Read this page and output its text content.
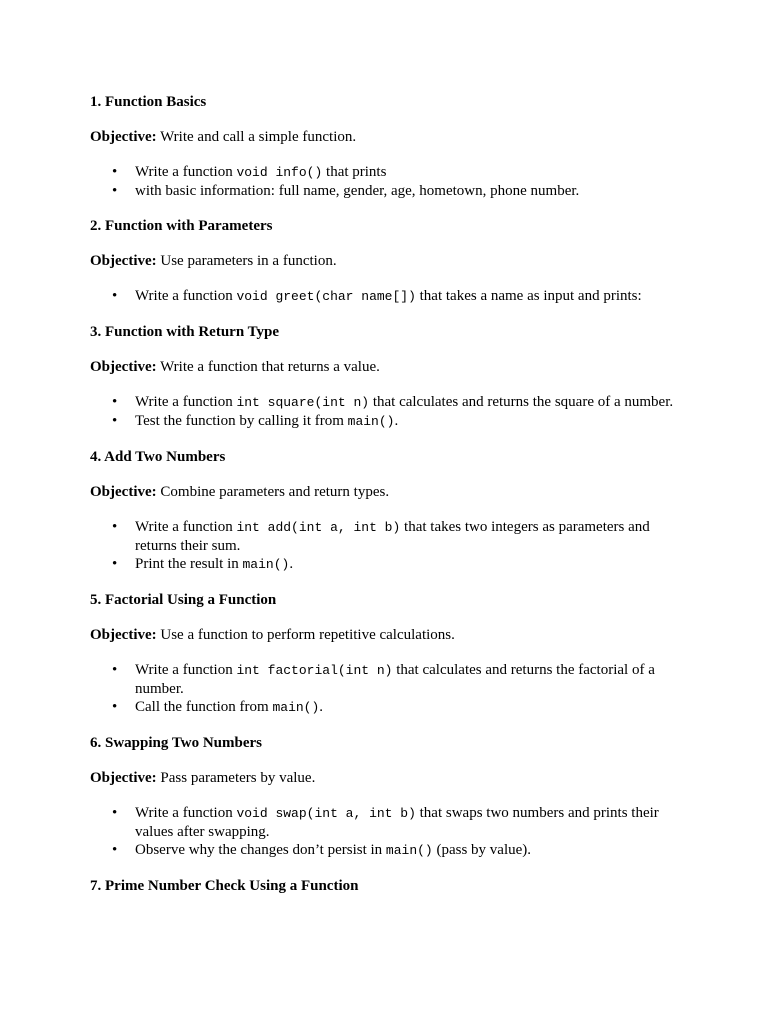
1. Function Basics

Objective: Write and call a simple function.

• Write a function void info() that prints
• with basic information: full name, gender, age, hometown, phone number.

2. Function with Parameters

Objective: Use parameters in a function.

• Write a function void greet(char name[]) that takes a name as input and prints:

3. Function with Return Type

Objective: Write a function that returns a value.

• Write a function int square(int n) that calculates and returns the square of a number.
• Test the function by calling it from main().

4. Add Two Numbers

Objective: Combine parameters and return types.

• Write a function int add(int a, int b) that takes two integers as parameters and returns their sum.
• Print the result in main().

5. Factorial Using a Function

Objective: Use a function to perform repetitive calculations.

• Write a function int factorial(int n) that calculates and returns the factorial of a number.
• Call the function from main().

6. Swapping Two Numbers

Objective: Pass parameters by value.

• Write a function void swap(int a, int b) that swaps two numbers and prints their values after swapping.
• Observe why the changes don’t persist in main() (pass by value).

7. Prime Number Check Using a Function
